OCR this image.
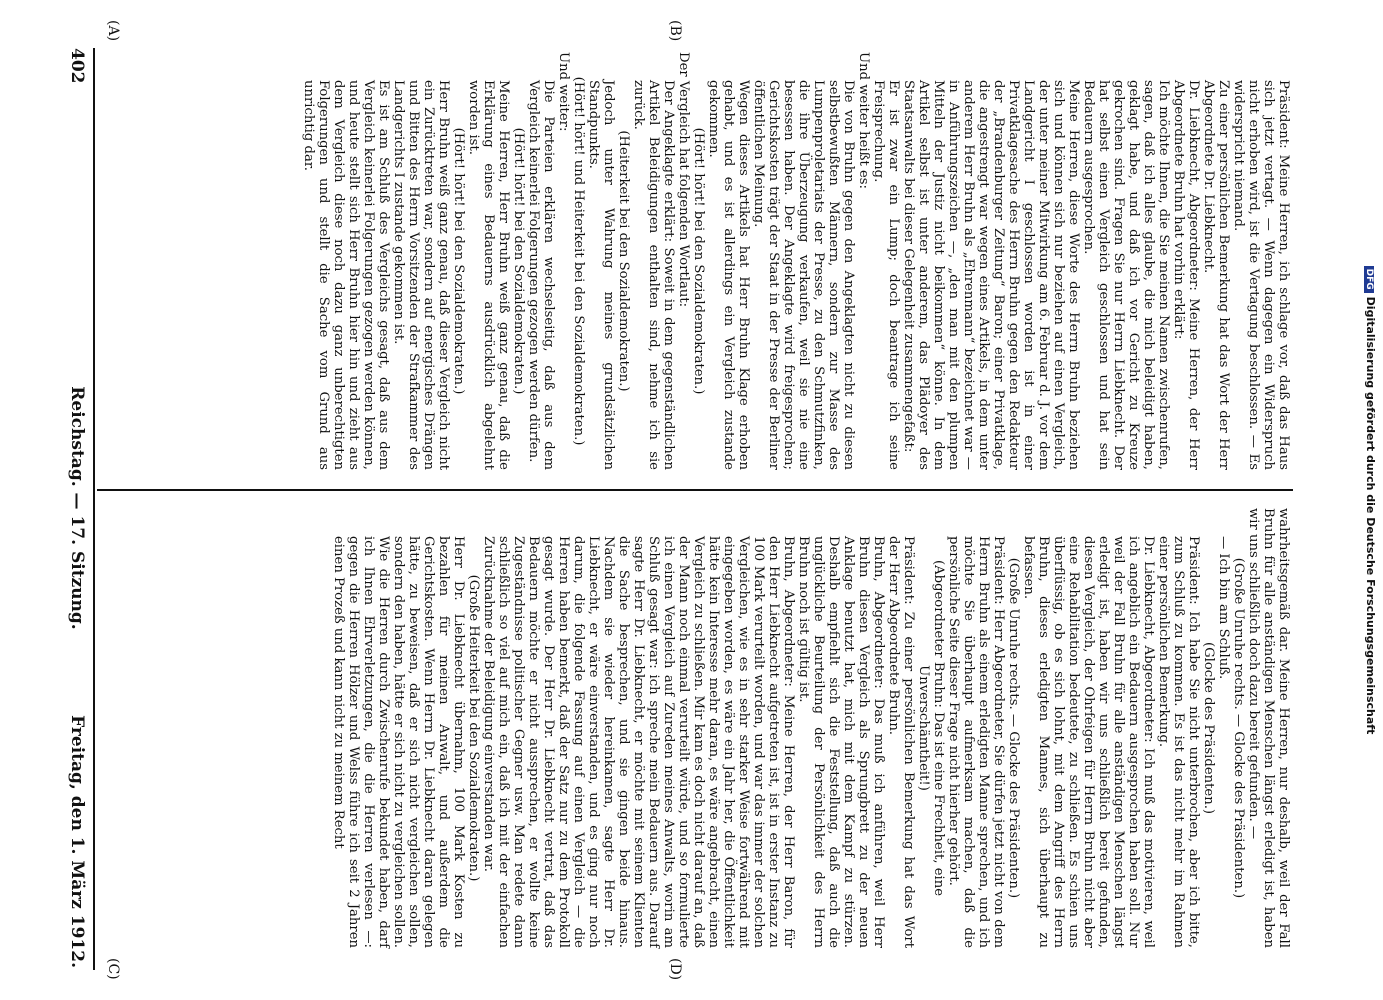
402
Reichstag. — 17. Sitzung.
Freitag, den 1. März 1912.
(A)	(B)
(C)	(D)

Präsident: Meine Herren, ich schlage vor, daß das Haus sich jetzt vertagt. — Wenn dagegen ein Widerspruch nicht erhoben wird, ist die Vertagung beschlossen. — Es widerspricht niemand.

Zu einer persönlichen Bemerkung hat das Wort der Herr Abgeordnete Dr. Liebknecht.

Dr. Liebknecht, Abgeordneter: Meine Herren, der Herr Abgeordnete Bruhn hat vorhin erklärt:

Ich möchte Ihnen, die Sie meinen Namen zwischenrufen, sagen, daß ich alles glaube, die mich beleidigt haben, geklagt habe, und daß ich vor Gericht zu Kreuze gekrochen sind. Fragen Sie nur Herrn Liebknecht. Der hat selbst einen Vergleich geschlossen und hat sein Bedauern ausgesprochen.

Meine Herren, diese Worte des Herrn Bruhn beziehen sich und können sich nur beziehen auf einen Vergleich, der unter meiner Mitwirkung am 6. Februar d. J. vor dem Landgericht I geschlossen worden ist in einer Privatklagesache des Herrn Bruhn gegen den Redakteur der „Brandenburger Zeitung“ Baron; einer Privatklage, die angestrengt war wegen eines Artikels, in dem unter anderem Herr Bruhn als „Ehrenmann“ bezeichnet war — in Anführungszeichen —, „den man mit den plumpen Mitteln der Justiz nicht beikommen“ könne. In dem Artikel selbst ist unter anderem, das Plädoyer des Staatsanwalts bei dieser Gelegenheit zusammengefaßt:

Er ist zwar ein Lump; doch beantrage ich seine Freisprechung.

Und weiter heißt es:

Die von Bruhn gegen den Angeklagten nicht zu diesen selbstbewußten Männern, sondern zur Masse des Lumpenproletariats der Presse, zu den Schmutzfinken, die ihre Überzeugung verkaufen, weil sie nie eine besessen haben. Der Angeklagte wird freigesprochen; Gerichtskosten trägt der Staat in der Presse der Berliner öffentlichen Meinung.

Wegen dieses Artikels hat Herr Bruhn Klage erhoben gehabt, und es ist allerdings ein Vergleich zustande gekommen.

(Hört! hört! bei den Sozialdemokraten.)

Der Vergleich hat folgenden Wortlaut:

Der Angeklagte erklärt: Soweit in dem gegenständlichen Artikel Beleidigungen enthalten sind, nehme ich sie zurück.

(Heiterkeit bei den Sozialdemokraten.)

Jedoch unter Wahrung meines grundsätzlichen Standpunkts.

(Hört! hört! und Heiterkeit bei den Sozialdemokraten.)

Und weiter:

Die Parteien erklären wechselseitig, daß aus dem Vergleich keinerlei Folgerungen gezogen werden dürfen.

(Hört! hört! bei den Sozialdemokraten.)

Meine Herren, Herr Bruhn weiß ganz genau, daß die Erklärung eines Bedauerns ausdrücklich abgelehnt worden ist.

(Hört! hört! bei den Sozialdemokraten.)

Herr Bruhn weiß ganz genau, daß dieser Vergleich nicht ein Zurücktreten war, sondern auf energisches Drängen und Bitten des Herrn Vorsitzenden der Strafkammer des Landgerichts I zustande gekommen ist.

Es ist am Schluß des Vergleichs gesagt, daß aus dem Vergleich keinerlei Folgerungen gezogen werden können, und heute stellt sich Herr Bruhn hier hin und zieht aus dem Vergleich diese noch dazu ganz unberechtigten Folgerungen und stellt die Sache vom Grund aus unrichtig dar.

wahrheitsgemäß dar. Meine Herren, nur deshalb, weil der Fall Bruhn für alle anständigen Menschen längst erledigt ist, haben wir uns schließlich doch dazu bereit gefunden. —

(Große Unruhe rechts. — Glocke des Präsidenten.)

— Ich bin am Schluß.

(Glocke des Präsidenten.)

Präsident: Ich habe Sie nicht unterbrochen, aber ich bitte, zum Schluß zu kommen. Es ist das nicht mehr im Rahmen einer persönlichen Bemerkung.

Dr. Liebknecht, Abgeordneter: Ich muß das motivieren, weil ich angeblich ein Bedauern ausgesprochen haben soll. Nur weil der Fall Bruhn für alle anständigen Menschen längst erledigt ist, haben wir uns schließlich bereit gefunden, diesen Vergleich, der Ohrfeigen für Herrn Bruhn nicht aber eine Rehabilitation bedeutete, zu schließen. Es schien uns überflüssig, ob es sich lohnt, mit dem Angriff des Herrn Bruhn, dieses erledigten Mannes, sich überhaupt zu befassen.

(Große Unruhe rechts. — Glocke des Präsidenten.)

Präsident: Herr Abgeordneter, Sie dürfen jetzt nicht von dem Herrn Bruhn als einem erledigten Manne sprechen, und ich möchte Sie überhaupt aufmerksam machen, daß die persönliche Seite dieser Frage nicht hierher gehört.

(Abgeordneter Bruhn: Das ist eine Frechheit, eine Unverschämtheit!)

Präsident: Zu einer persönlichen Bemerkung hat das Wort der Herr Abgeordnete Bruhn.

Bruhn, Abgeordneter: Das muß ich anführen, weil Herr Bruhn diesen Vergleich als Sprungbrett zu der neuen Anklage benutzt hat, mich mit dem Kampf zu stürzen. Deshalb empfiehlt sich die Feststellung, daß auch die unglückliche Beurteilung der Persönlichkeit des Herrn Bruhn noch ist gültig ist.

Bruhn, Abgeordneter: Meine Herren, der Herr Baron, für den Herr Liebknecht aufgetreten ist, ist in erster Instanz zu 100 Mark verurteilt worden, und war das immer der solchen Vergleichen, wie es in sehr starker Weise fortwährend mit eingegeben worden, es wäre ein Jahr her, die Öffentlichkeit hätte kein Interesse mehr daran, es wäre angebracht, einen Vergleich zu schließen. Mir kam es doch nicht darauf an, daß der Mann noch einmal verurteilt würde, und so formulierte ich einen Vergleich auf Zureden meines Anwalts, worin am Schluß gesagt war: ich spreche mein Bedauern aus. Darauf sagte Herr Dr. Liebknecht, er möchte mit seinem Klienten die Sache besprechen, und sie gingen beide hinaus. Nachdem sie wieder hereinkamen, sagte Herr Dr. Liebknecht, er wäre einverstanden, und es ging nur noch darum, die folgende Fassung auf einen Vergleich — die Herren haben bemerkt, daß der Satz nur zu dem Protokoll gesagt wurde. Der Herr Dr. Liebknecht vertrat, daß das Bedauern möchte er nicht aussprechen, er wollte keine Zugeständnisse politischer Gegner usw. Man redete dann schließlich so viel auf mich ein, daß ich mit der einfachen Zurücknahme der Beleidigung einverstanden war.

(Große Heiterkeit bei den Sozialdemokraten.)

Herr Dr. Liebknecht übernahm, 100 Mark Kosten zu bezahlen für meinen Anwalt, und außerdem die Gerichtskosten. Wenn Herrn Dr. Liebknecht daran gelegen hätte, zu beweisen, daß er sich nicht vergleichen sollen, sondern den haben, hätte er sich nicht zu vergleichen sollen. Wie die Herren durch Zwischenrufe bekundet haben, darf ich Ihnen Ehrverletzungen, die die Herren verlesen —: gegen die Herren Hölzer und Welss führe ich seit 2 Jahren einen Prozeß und kann nicht zu meinem Recht

DFGDigitalisierung gefördert durch die Deutsche Forschungsgemeinschaft
